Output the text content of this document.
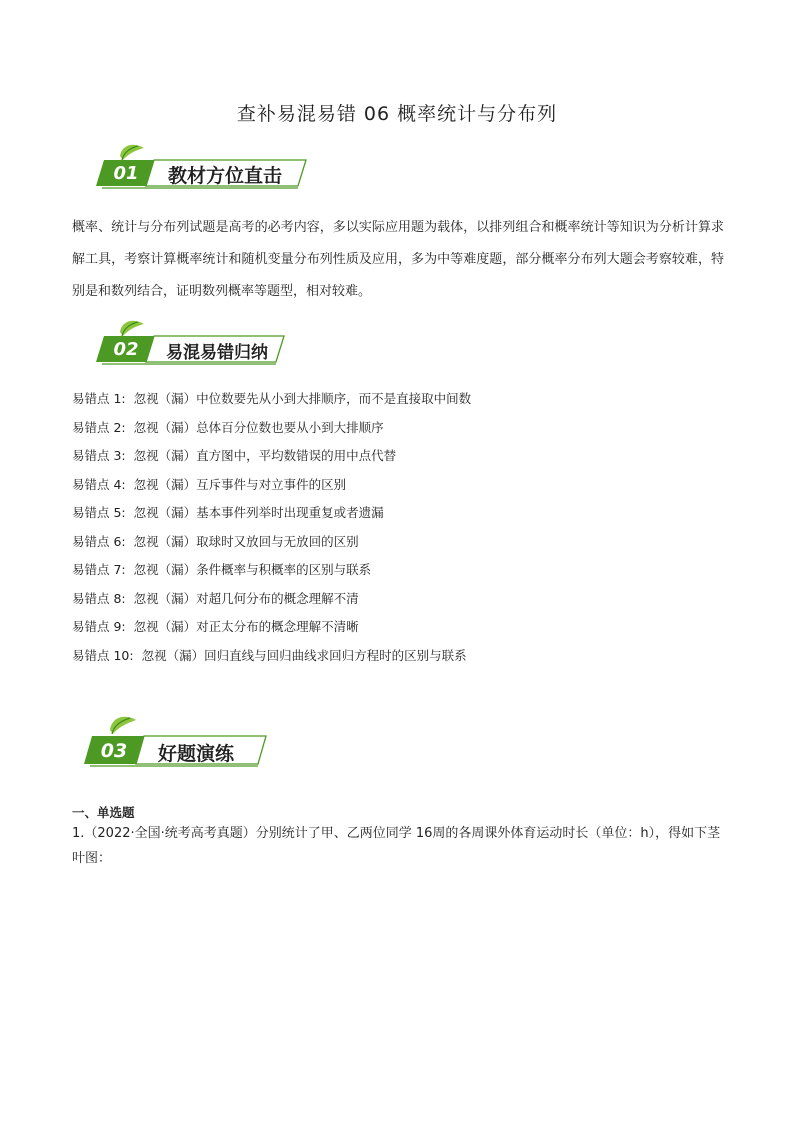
查补易混易错 06 概率统计与分布列
01 教材方位直击
概率、统计与分布列试题是高考的必考内容，多以实际应用题为载体，以排列组合和概率统计等知识为分析计算求解工具，考察计算概率统计和随机变量分布列性质及应用，多为中等难度题，部分概率分布列大题会考察较难，特别是和数列结合，证明数列概率等题型，相对较难。
02	易混易错归纳
易错点 1: 忽视（漏）中位数要先从小到大排顺序，而不是直接取中间数
易错点 2: 忽视（漏）总体百分位数也要从小到大排顺序
易错点 3: 忽视（漏）直方图中，平均数错误的用中点代替
易错点 4: 忽视（漏）互斥事件与对立事件的区别
易错点 5: 忽视（漏）基本事件列举时出现重复或者遗漏
易错点 6: 忽视（漏）取球时又放回与无放回的区别
易错点 7: 忽视（漏）条件概率与积概率的区别与联系
易错点 8: 忽视（漏）对超几何分布的概念理解不清
易错点 9: 忽视（漏）对正太分布的概念理解不清晰
易错点 10: 忽视（漏）回归直线与回归曲线求回归方程时的区别与联系
03 好题演练
一、单选题
1.（2022·全国·统考高考真题）分别统计了甲、乙两位同学 16周的各周课外体育运动时长（单位：h），得如下茎叶图：
